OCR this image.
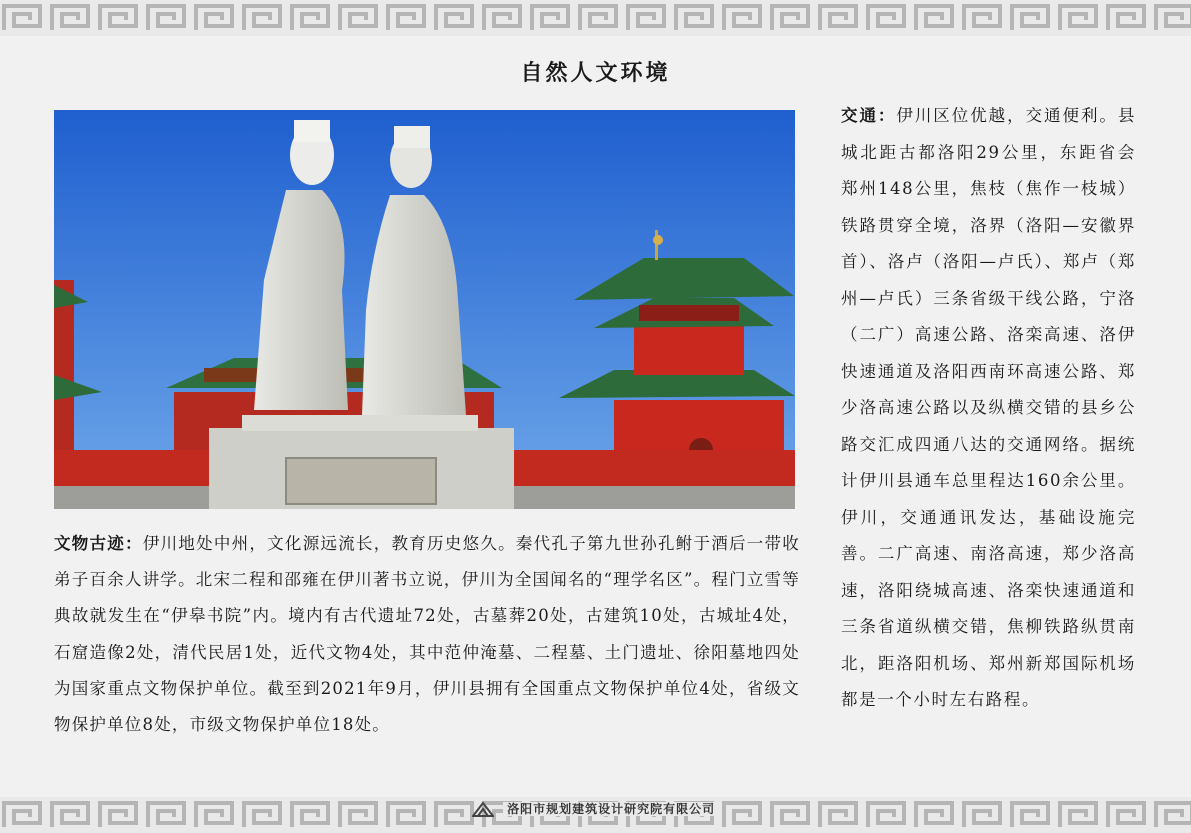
自然人文环境
文物古迹：伊川地处中州，文化源远流长，教育历史悠久。秦代孔子第九世孙孔鲋于酒后一带收弟子百余人讲学。北宋二程和邵雍在伊川著书立说，伊川为全国闻名的“理学名区”。程门立雪等典故就发生在“伊皋书院”内。境内有古代遗址72处，古墓葬20处，古建筑10处，古城址4处，石窟造像2处，清代民居1处，近代文物4处，其中范仲淹墓、二程墓、土门遗址、徐阳墓地四处为国家重点文物保护单位。截至到2021年9月，伊川县拥有全国重点文物保护单位4处，省级文物保护单位8处，市级文物保护单位18处。
交通：伊川区位优越，交通便利。县城北距古都洛阳29公里，东距省会郑州148公里，焦枝（焦作一枝城）铁路贯穿全境，洛界（洛阳—安徽界首）、洛卢（洛阳—卢氏）、郑卢（郑州—卢氏）三条省级干线公路，宁洛（二广）高速公路、洛栾高速、洛伊快速通道及洛阳西南环高速公路、郑少洛高速公路以及纵横交错的县乡公路交汇成四通八达的交通网络。据统计伊川县通车总里程达160余公里。伊川，交通通讯发达，基础设施完善。二广高速、南洛高速，郑少洛高速，洛阳绕城高速、洛栾快速通道和三条省道纵横交错，焦柳铁路纵贯南北，距洛阳机场、郑州新郑国际机场都是一个小时左右路程。
洛阳市规划建筑设计研究院有限公司
